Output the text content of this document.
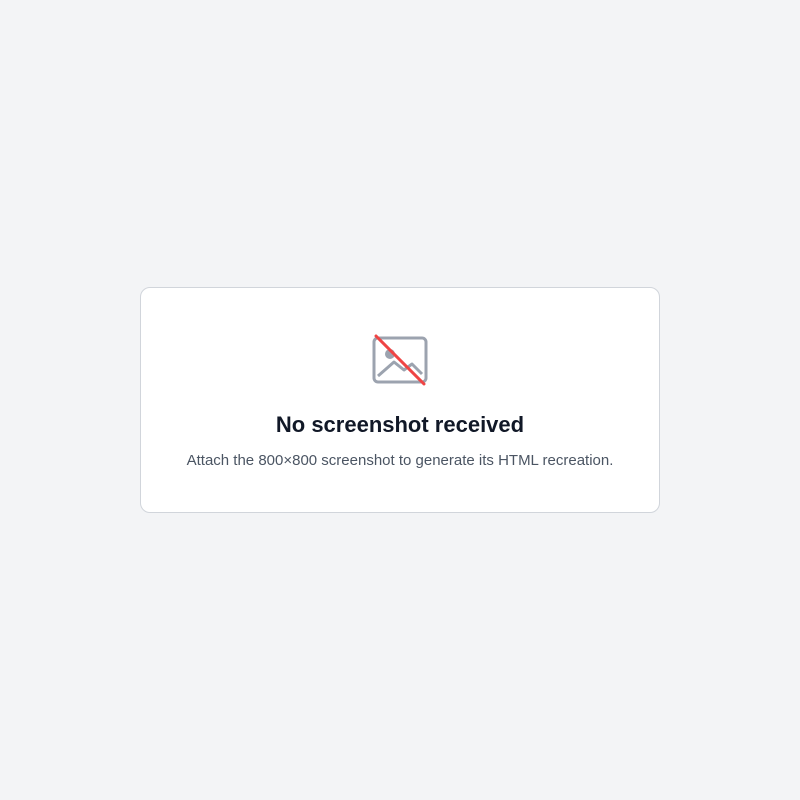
No screenshot received

Attach the 800×800 screenshot to generate its HTML recreation.
